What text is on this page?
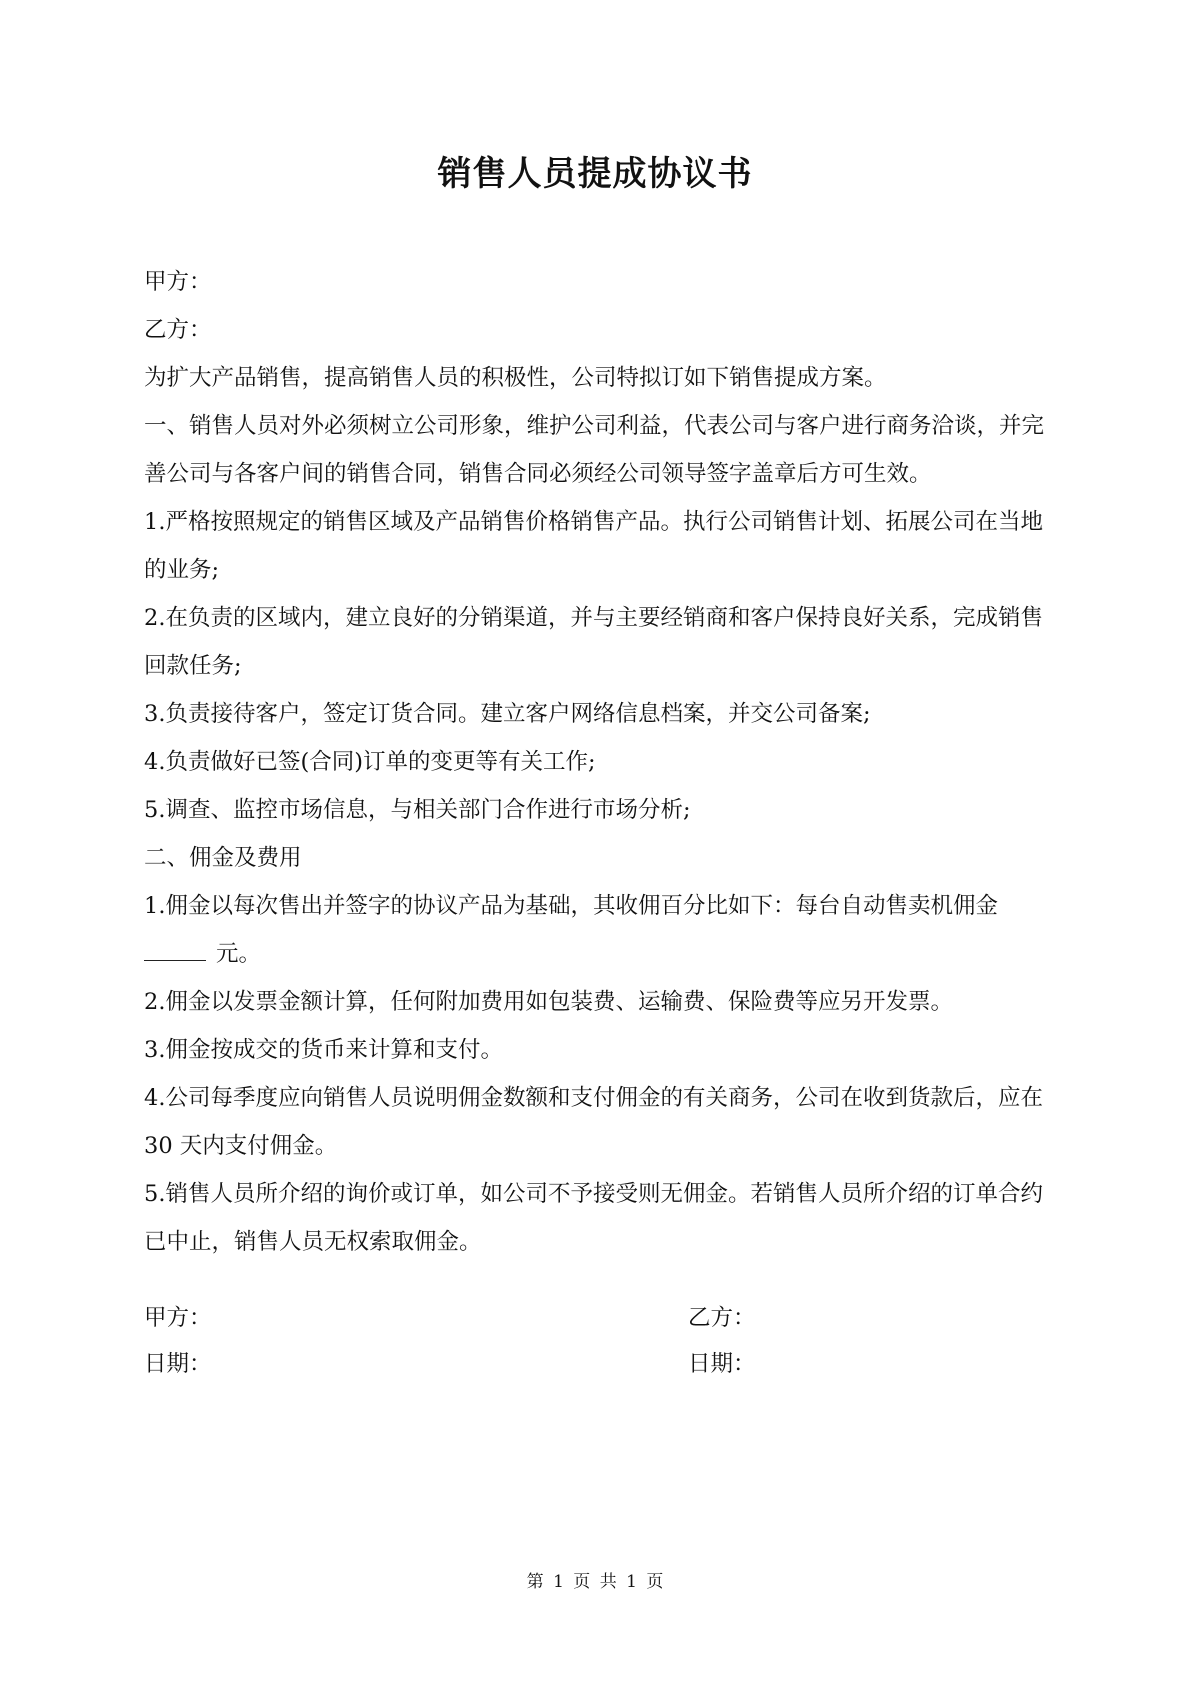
销售人员提成协议书

甲方：

乙方：

为扩大产品销售，提高销售人员的积极性，公司特拟订如下销售提成方案。

一、销售人员对外必须树立公司形象，维护公司利益，代表公司与客户进行商务洽谈，并完善公司与各客户间的销售合同，销售合同必须经公司领导签字盖章后方可生效。

1.严格按照规定的销售区域及产品销售价格销售产品。执行公司销售计划、拓展公司在当地的业务;

2.在负责的区域内，建立良好的分销渠道，并与主要经销商和客户保持良好关系，完成销售回款任务;

3.负责接待客户，签定订货合同。建立客户网络信息档案，并交公司备案;

4.负责做好已签(合同)订单的变更等有关工作;

5.调查、监控市场信息，与相关部门合作进行市场分析;

二、佣金及费用

1.佣金以每次售出并签字的协议产品为基础，其收佣百分比如下：每台自动售卖机佣金
元。

2.佣金以发票金额计算，任何附加费用如包装费、运输费、保险费等应另开发票。

3.佣金按成交的货币来计算和支付。

4.公司每季度应向销售人员说明佣金数额和支付佣金的有关商务，公司在收到货款后，应在 30 天内支付佣金。

5.销售人员所介绍的询价或订单，如公司不予接受则无佣金。若销售人员所介绍的订单合约已中止，销售人员无权索取佣金。

甲方：	乙方：
日期：	日期：
第 1 页 共 1 页
